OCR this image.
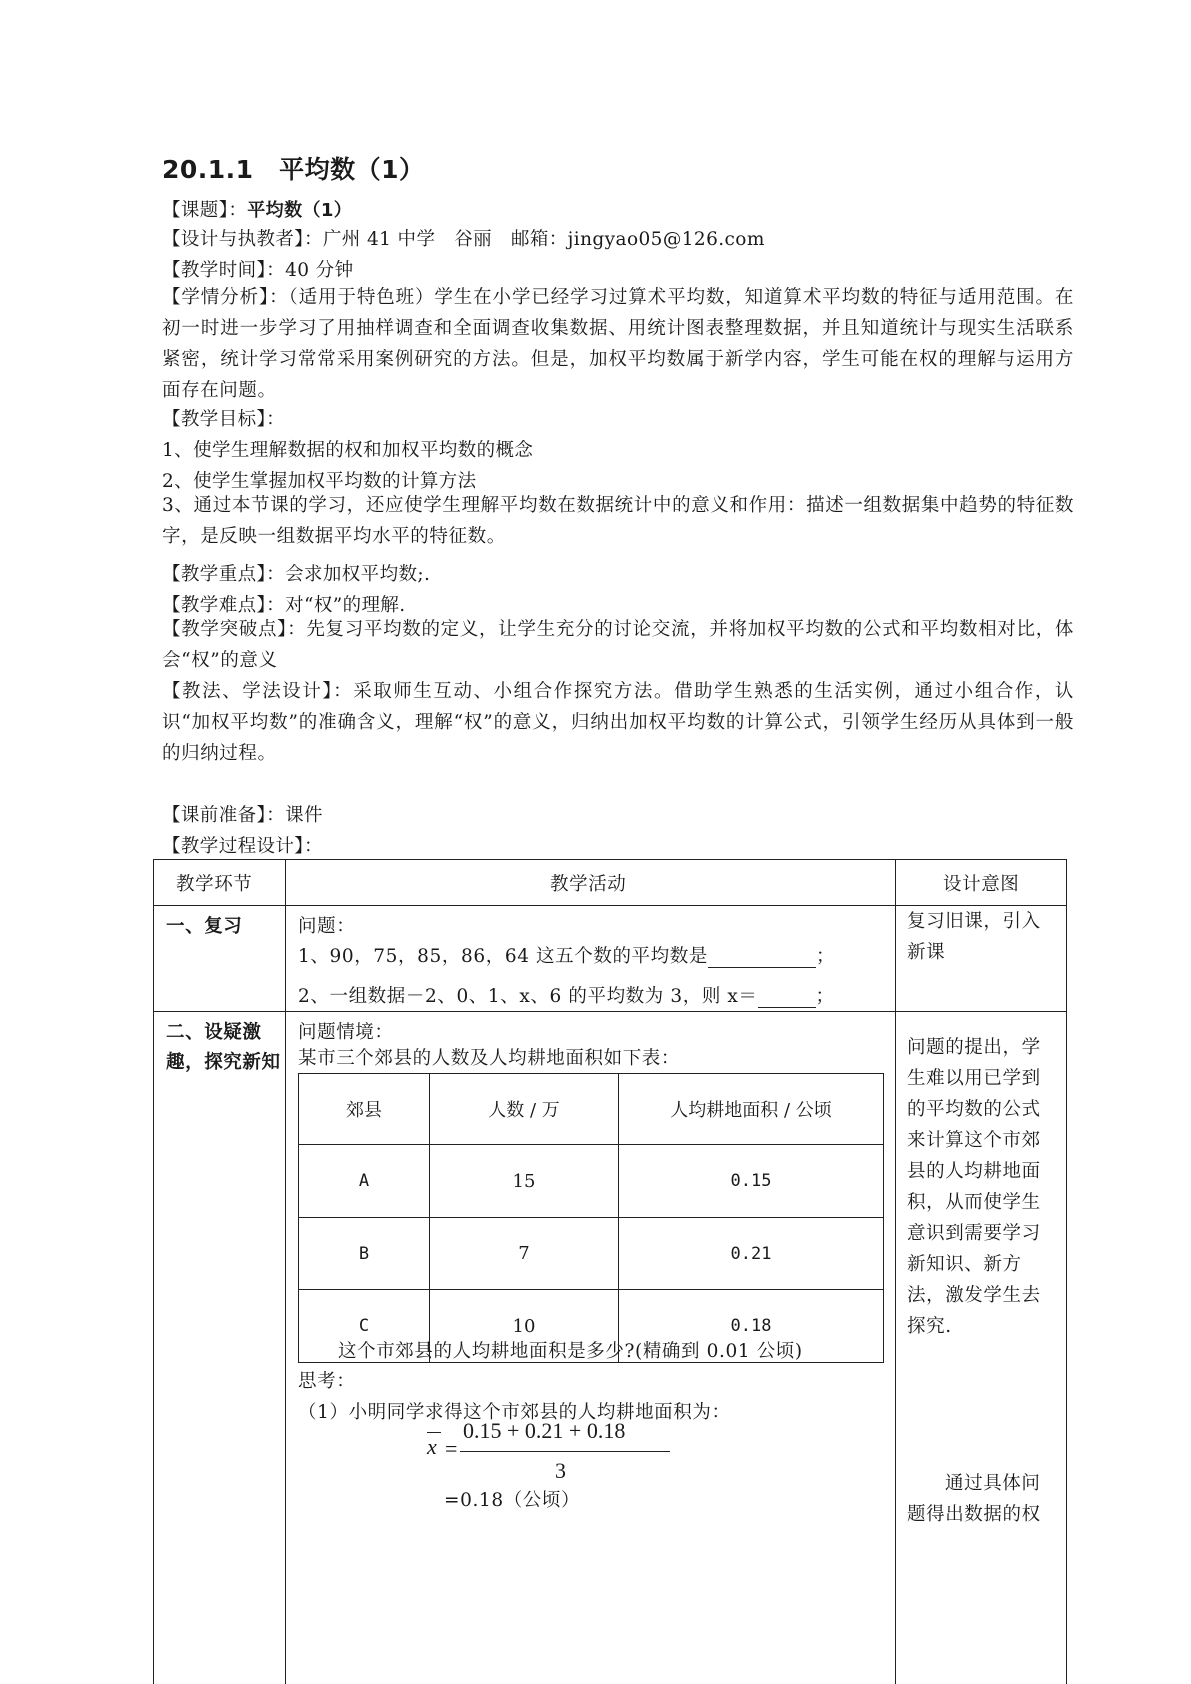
20.1.1　平均数（1）
【课题】：平均数（1）
【设计与执教者】：广州 41 中学　谷丽　邮箱：jingyao05@126.com
【教学时间】：40 分钟
【学情分析】：（适用于特色班）学生在小学已经学习过算术平均数，知道算术平均数的特征与适用范围。在初一时进一步学习了用抽样调查和全面调查收集数据、用统计图表整理数据，并且知道统计与现实生活联系紧密，统计学习常常采用案例研究的方法。但是，加权平均数属于新学内容，学生可能在权的理解与运用方面存在问题。
【教学目标】：
1、使学生理解数据的权和加权平均数的概念
2、使学生掌握加权平均数的计算方法
3、通过本节课的学习，还应使学生理解平均数在数据统计中的意义和作用：描述一组数据集中趋势的特征数字，是反映一组数据平均水平的特征数。
【教学重点】：会求加权平均数;.
【教学难点】：对“权”的理解.
【教学突破点】：先复习平均数的定义，让学生充分的讨论交流，并将加权平均数的公式和平均数相对比，体会“权”的意义
【教法、学法设计】：采取师生互动、小组合作探究方法。借助学生熟悉的生活实例，通过小组合作，认识“加权平均数”的准确含义，理解“权”的意义，归纳出加权平均数的计算公式，引领学生经历从具体到一般的归纳过程。
【课前准备】：课件
【教学过程设计】：
教学环节	教学活动	设计意图
一、复习	问题：
1、90，75，85，86，64 这五个数的平均数是	；
2、一组数据－2、0、1、x、6 的平均数为 3，则 x＝	；
复习旧课，引入新课
二、设疑激趣，探究新知
问题情境：
某市三个郊县的人数及人均耕地面积如下表：
郊县	人数 / 万	人均耕地面积 / 公顷
A	15	0.15
B	7	0.21
C	10	0.18
这个市郊县的人均耕地面积是多少?(精确到 0.01 公顷)
思考：
（1）小明同学求得这个市郊县的人均耕地面积为：
x =
0.15 + 0.21 + 0.18
3
=0.18（公顷）
问题的提出，学生难以用已学到的平均数的公式来计算这个市郊县的人均耕地面积，从而使学生意识到需要学习新知识、新方法，激发学生去探究.
通过具体问题得出数据的权
